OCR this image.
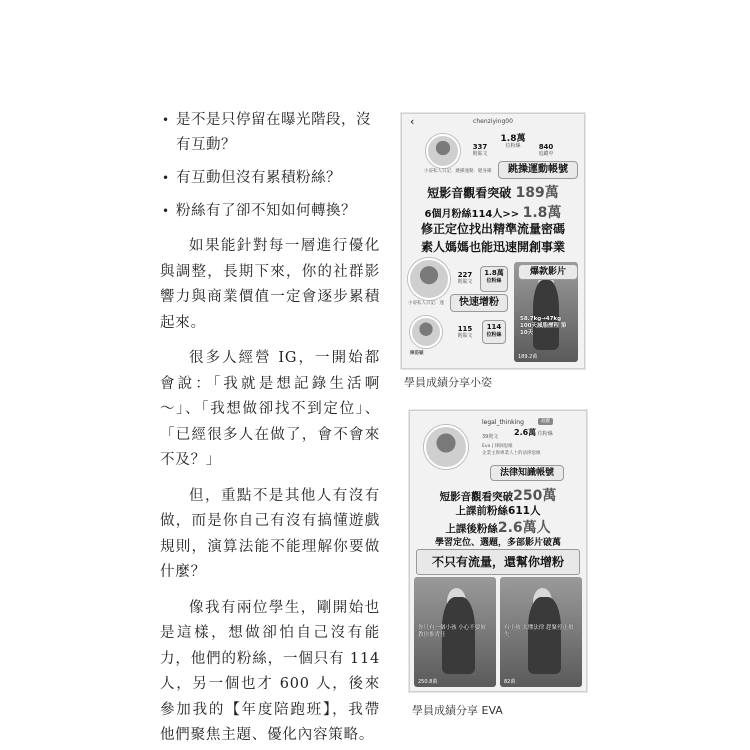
• 是不是只停留在曝光階段，沒有互動？
• 有互動但沒有累積粉絲？
• 粉絲有了卻不知如何轉換？

如果能針對每一層進行優化與調整，長期下來，你的社群影響力與商業價值一定會逐步累積起來。

很多人經營 IG，一開始都會說：「我就是想記錄生活啊～」、「我想做卻找不到定位」、「已經很多人在做了，會不會來不及？」

但，重點不是其他人有沒有做，而是你自己有沒有搞懂遊戲規則，演算法能不能理解你要做什麼？

像我有兩位學生，剛開始也是這樣，想做卻怕自己沒有能力，他們的粉絲，一個只有 114 人，另一個也才 600 人，後來參加我的【年度陪跑班】，我帶他們聚焦主題、優化內容策略。

chenziying00
‹
337
則貼文
1.8萬
位粉絲	840
追蹤中
小姿私人日記．跳操運動．健身操	跳操運動帳號
短影音觀看突破 189萬
6個月粉絲114人>> 1.8萬
修正定位找出精準流量密碼
素人媽媽也能迅速開創事業
227
則貼文
1.8萬
位粉絲
小姿私人日記．運	快速增粉
58.7kg→47kg 100天減脂歷程 第10天
189.2萬
爆款影片
115
則貼文
114
位粉絲
陳姿穎
學員成績分享小姿
legal_thinking	追蹤
39則文 2.6萬 位粉絲
Eva | 律師思維
企業主與專業人士的法律思維
法律知識帳號
短影音觀看突破250萬
上課前粉絲611人
上課後粉絲2.6萬人
學習定位、選題，多部影片破萬
不只有流量，還幫你增粉
你只有一個小孩 小心不要被 教你推責任
250.8萬
有小孩 太懂法律 趕緊停止損失
82萬
學員成績分享 EVA
